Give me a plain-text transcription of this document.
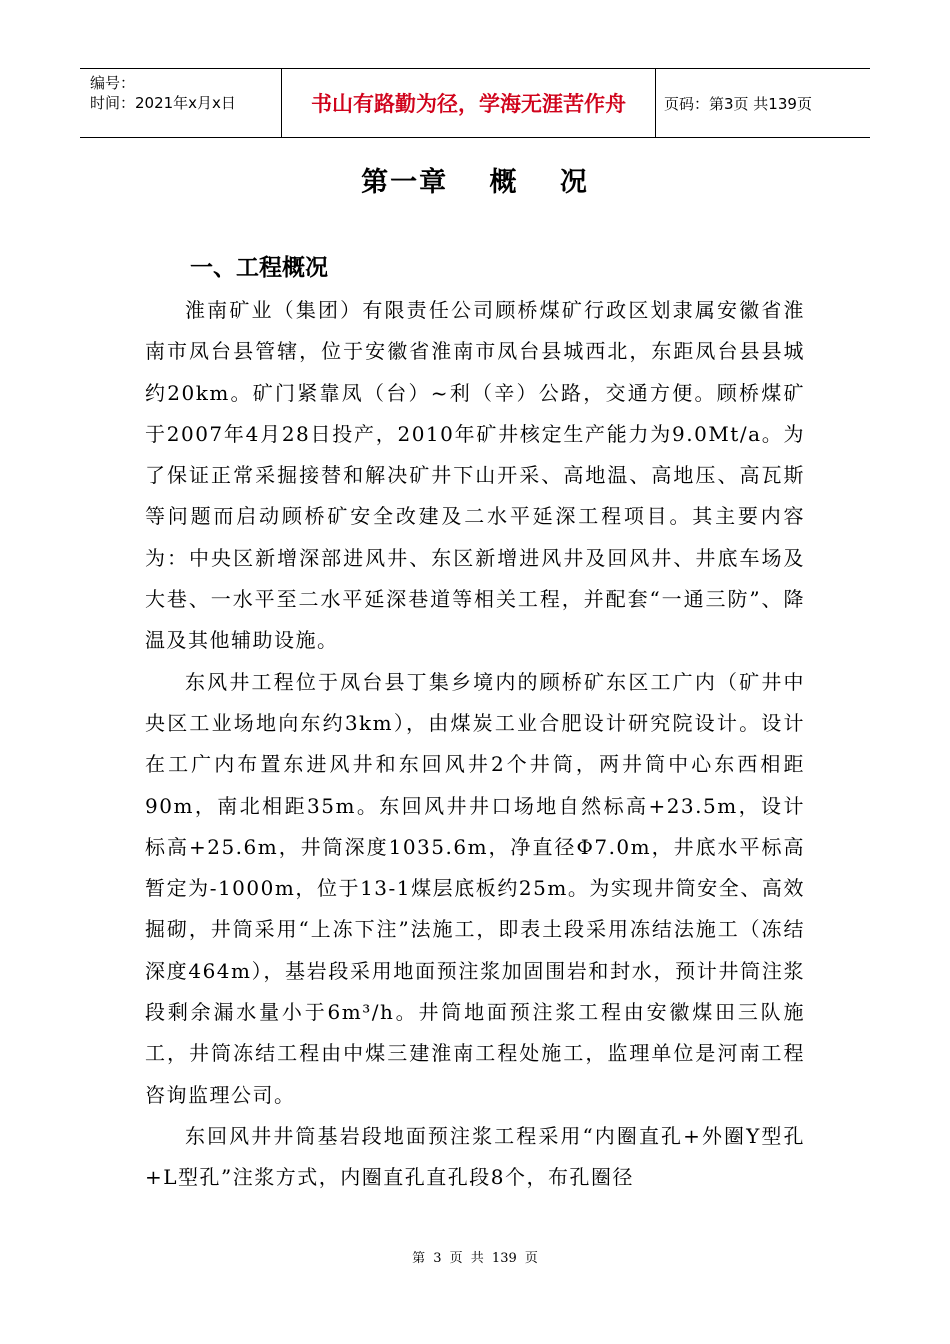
编号：
时间：2021年x月x日	书山有路勤为径，学海无涯苦作舟	页码：第3页 共139页
第一章 概 况
一、工程概况

淮南矿业（集团）有限责任公司顾桥煤矿行政区划隶属安徽省淮南市凤台县管辖，位于安徽省淮南市凤台县城西北，东距凤台县县城约20km。矿门紧靠凤（台）~利（辛）公路，交通方便。顾桥煤矿于2007年4月28日投产，2010年矿井核定生产能力为9.0Mt/a。为了保证正常采掘接替和解决矿井下山开采、高地温、高地压、高瓦斯等问题而启动顾桥矿安全改建及二水平延深工程项目。其主要内容为：中央区新增深部进风井、东区新增进风井及回风井、井底车场及大巷、一水平至二水平延深巷道等相关工程，并配套“一通三防”、降温及其他辅助设施。

东风井工程位于凤台县丁集乡境内的顾桥矿东区工广内（矿井中央区工业场地向东约3km），由煤炭工业合肥设计研究院设计。设计在工广内布置东进风井和东回风井2个井筒，两井筒中心东西相距90m，南北相距35m。东回风井井口场地自然标高+23.5m，设计标高+25.6m，井筒深度1035.6m，净直径Φ7.0m，井底水平标高暂定为-1000m，位于13-1煤层底板约25m。为实现井筒安全、高效掘砌，井筒采用“上冻下注”法施工，即表土段采用冻结法施工（冻结深度464m），基岩段采用地面预注浆加固围岩和封水，预计井筒注浆段剩余漏水量小于6m³/h。井筒地面预注浆工程由安徽煤田三队施工，井筒冻结工程由中煤三建淮南工程处施工，监理单位是河南工程咨询监理公司。

东回风井井筒基岩段地面预注浆工程采用“内圈直孔+外圈Y型孔+L型孔”注浆方式，内圈直孔直孔段8个，布孔圈径

第 3 页 共 139 页
